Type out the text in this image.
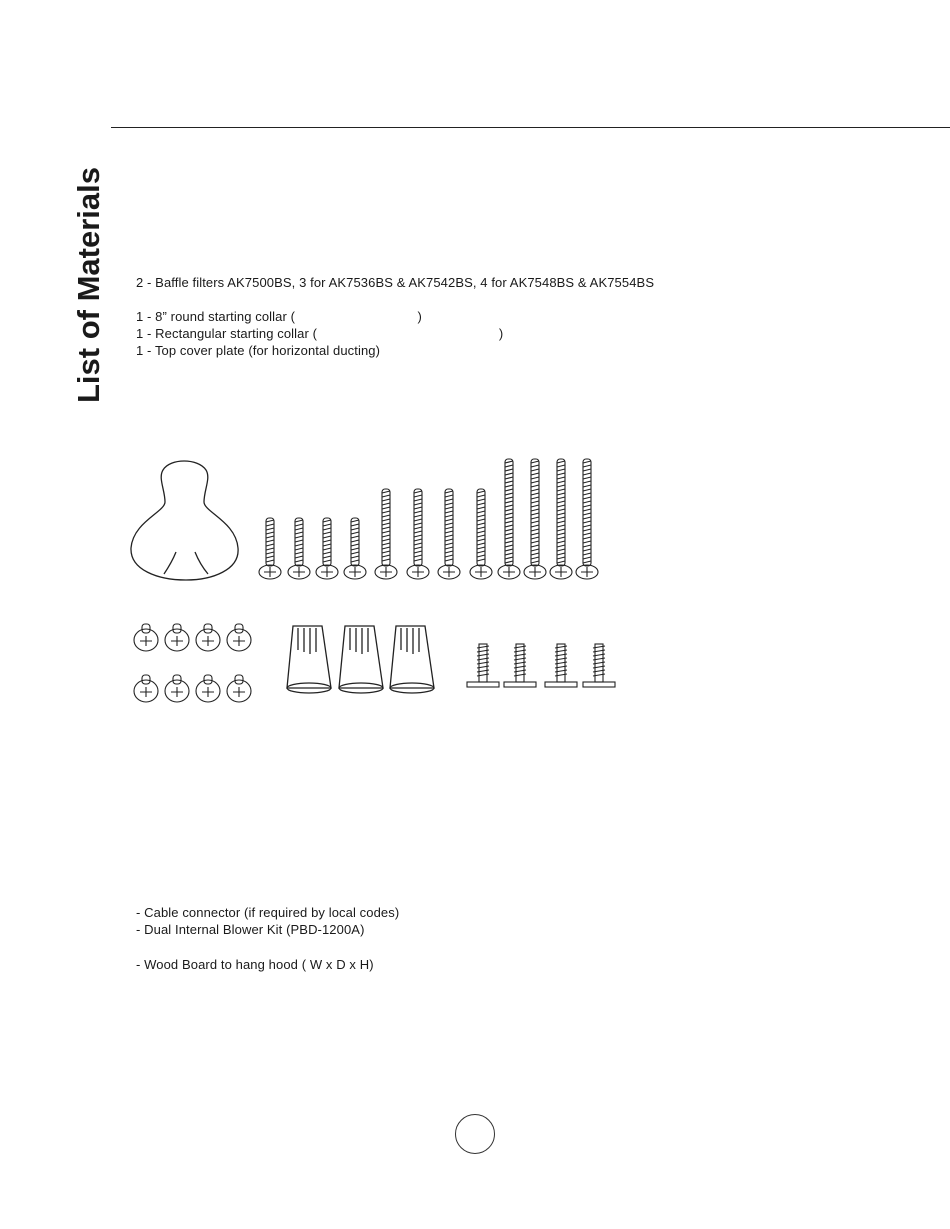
List of Materials 2 - Baffle filters AK7500BS, 3 for AK7536BS & AK7542BS, 4 for AK7548BS & AK7554BS
1 - 8” round starting collar (                                 )
1 - Rectangular starting collar (                                                 )
1 - Top cover plate (for horizontal ducting)
- Cable connector (if required by local codes)
- Dual Internal Blower Kit (PBD-1200A)
- Wood Board to hang hood ( W x D x H)
